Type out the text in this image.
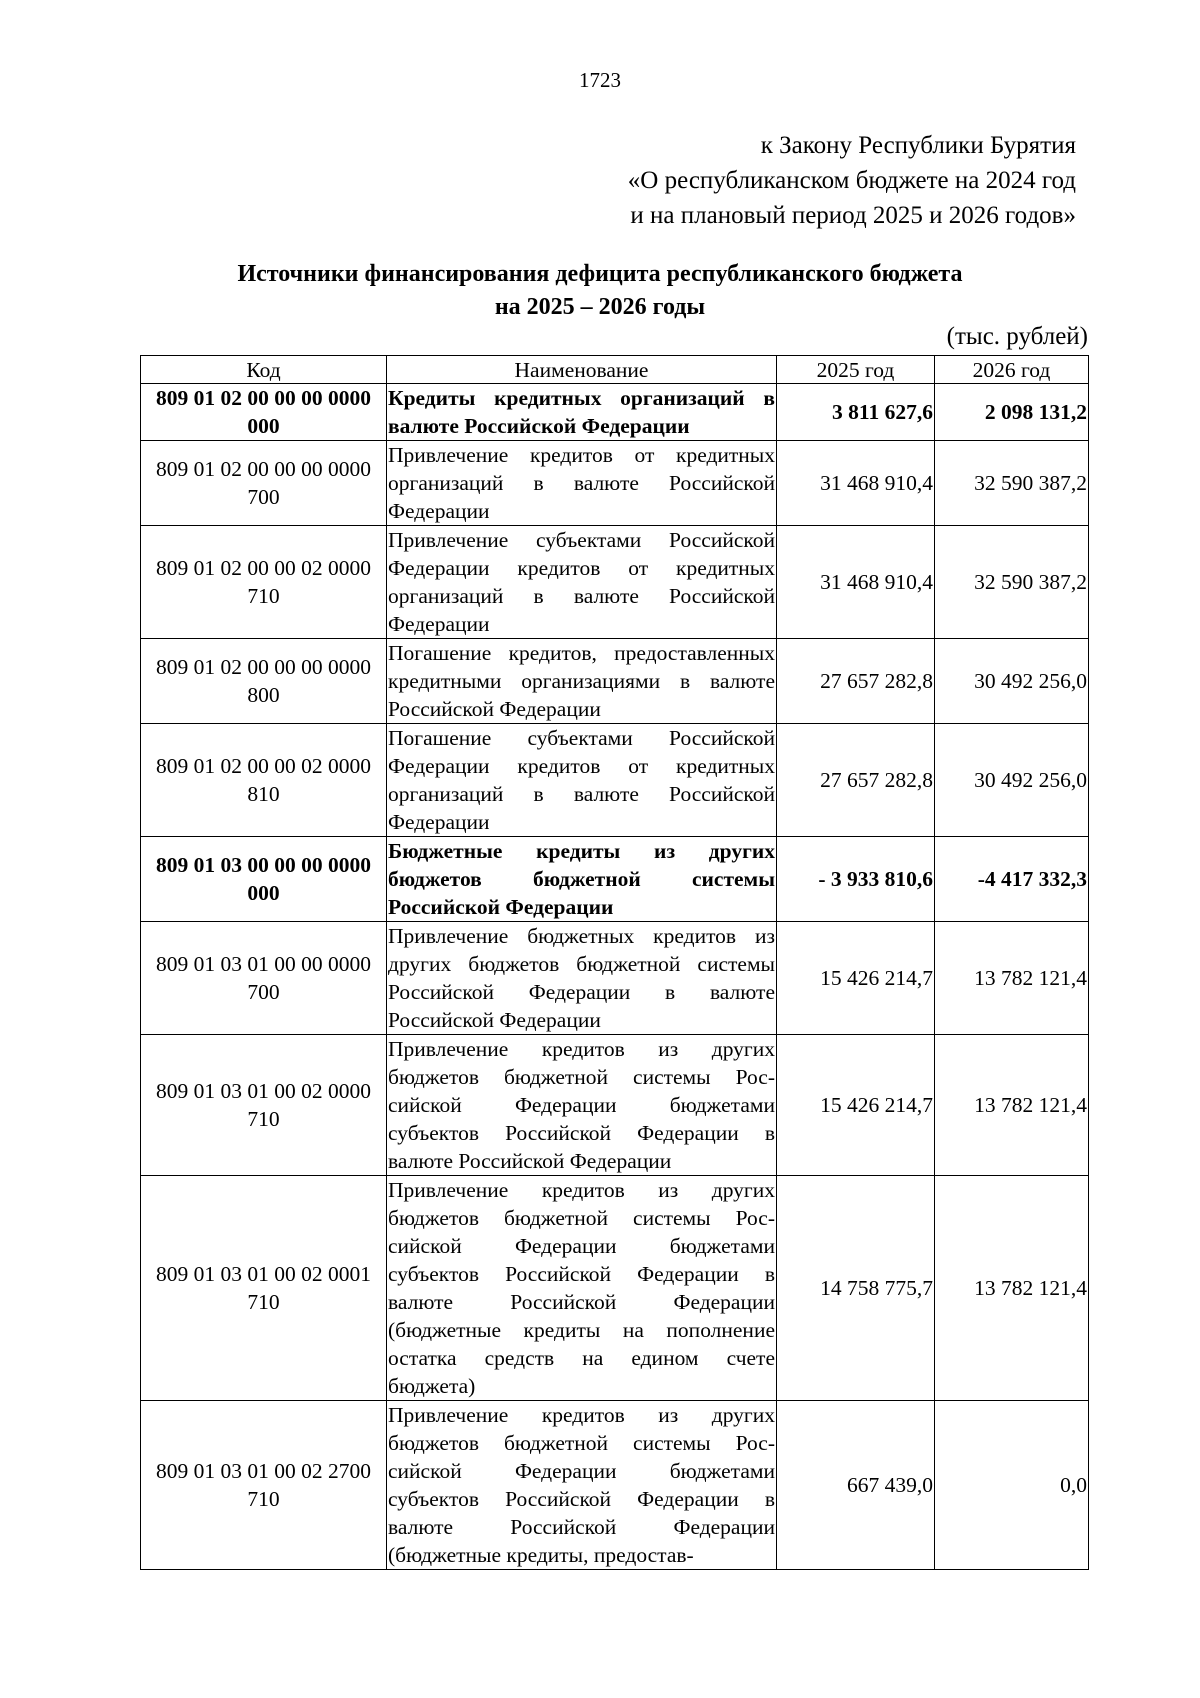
1723
к Закону Республики Бурятия
«О республиканском бюджете на 2024 год
и на плановый период 2025 и 2026 годов»
Источники финансирования дефицита республиканского бюджета
на 2025 – 2026 годы
(тыс. рублей)
Код	Наименование	2025 год	2026 год

809 01 02 00 00 00 0000
000	Кредиты кредитных организаций в валюте Российской Федерации	3 811 627,6	2 098 131,2

809 01 02 00 00 00 0000
700	Привлечение кредитов от кредитных организаций в валюте Российской Федерации	31 468 910,4	32 590 387,2

809 01 02 00 00 02 0000
710	Привлечение субъектами Российской Федерации кредитов от кредитных организаций в валюте Российской Федерации	31 468 910,4	32 590 387,2

809 01 02 00 00 00 0000
800	Погашение кредитов, предоставленных кредитными организациями в валюте Российской Федерации	27 657 282,8	30 492 256,0

809 01 02 00 00 02 0000
810	Погашение субъектами Российской Федерации кредитов от кредитных организаций в валюте Российской Федерации	27 657 282,8	30 492 256,0

809 01 03 00 00 00 0000
000	Бюджетные кредиты из других бюджетов бюджетной системы Российской Федерации	- 3 933 810,6	-4 417 332,3

809 01 03 01 00 00 0000
700	Привлечение бюджетных кредитов из других бюджетов бюджетной системы Российской Федерации в валюте Российской Федерации	15 426 214,7	13 782 121,4

809 01 03 01 00 02 0000
710	Привлечение кредитов из других бюджетов бюджетной системы Российской Федерации бюджетами субъектов Российской Федерации в валюте Российской Федерации	15 426 214,7	13 782 121,4

809 01 03 01 00 02 0001
710	Привлечение кредитов из других бюджетов бюджетной системы Российской Федерации бюджетами субъектов Российской Федерации в валюте Российской Федерации (бюджетные кредиты на пополнение остатка средств на едином счете бюджета)	14 758 775,7	13 782 121,4

809 01 03 01 00 02 2700
710	Привлечение кредитов из других бюджетов бюджетной системы Российской Федерации бюджетами субъектов Российской Федерации в валюте Российской Федерации (бюджетные кредиты, предостав-	667 439,0	0,0
